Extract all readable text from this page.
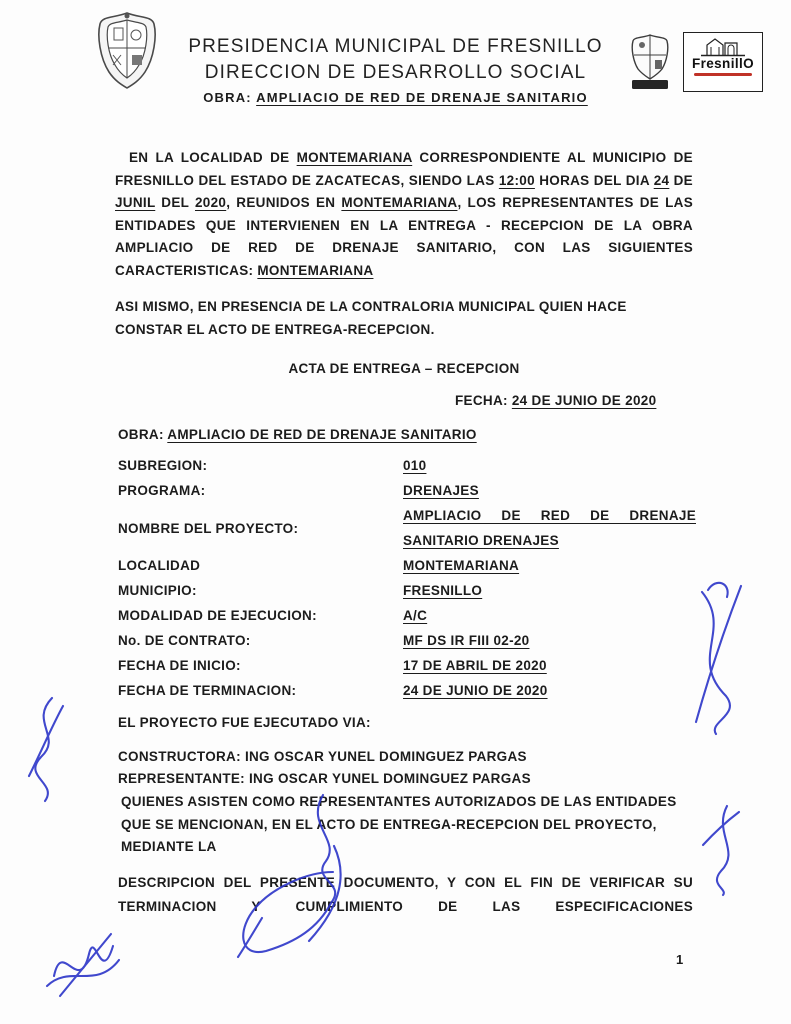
PRESIDENCIA MUNICIPAL DE FRESNILLO
DIRECCION DE DESARROLLO SOCIAL
OBRA: AMPLIACIO DE RED DE DRENAJE SANITARIO
FresnillO
EN LA LOCALIDAD DE MONTEMARIANA CORRESPONDIENTE AL MUNICIPIO DE FRESNILLO DEL ESTADO DE ZACATECAS, SIENDO LAS 12:00 HORAS DEL DIA 24 DE JUNIL DEL 2020, REUNIDOS EN MONTEMARIANA, LOS REPRESENTANTES DE LAS ENTIDADES QUE INTERVIENEN EN LA ENTREGA - RECEPCION DE LA OBRA AMPLIACIO DE RED DE DRENAJE SANITARIO, CON LAS SIGUIENTES CARACTERISTICAS: MONTEMARIANA
ASI MISMO, EN PRESENCIA DE LA CONTRALORIA MUNICIPAL QUIEN HACE CONSTAR EL ACTO DE ENTREGA-RECEPCION.
ACTA DE ENTREGA – RECEPCION
FECHA: 24 DE JUNIO DE 2020
OBRA: AMPLIACIO DE RED DE DRENAJE SANITARIO
SUBREGION:	010
PROGRAMA:	DRENAJES
NOMBRE DEL PROYECTO:
AMPLIACIO DE RED DE DRENAJE SANITARIO DRENAJES
LOCALIDAD	MONTEMARIANA
MUNICIPIO:	FRESNILLO
MODALIDAD DE EJECUCION:	A/C
No. DE CONTRATO:	MF DS IR FIII 02-20
FECHA DE INICIO:	17 DE ABRIL DE 2020
FECHA DE TERMINACION:	24 DE JUNIO DE 2020
EL PROYECTO FUE EJECUTADO VIA:
CONSTRUCTORA: ING OSCAR YUNEL DOMINGUEZ PARGAS
REPRESENTANTE: ING OSCAR YUNEL DOMINGUEZ PARGAS
QUIENES ASISTEN COMO REPRESENTANTES AUTORIZADOS DE LAS ENTIDADES QUE SE MENCIONAN, EN EL ACTO DE ENTREGA-RECEPCION DEL PROYECTO, MEDIANTE LA
DESCRIPCION DEL PRESENTE DOCUMENTO, Y CON EL FIN DE VERIFICAR SU TERMINACION Y CUMPLIMIENTO DE LAS ESPECIFICACIONES
1
